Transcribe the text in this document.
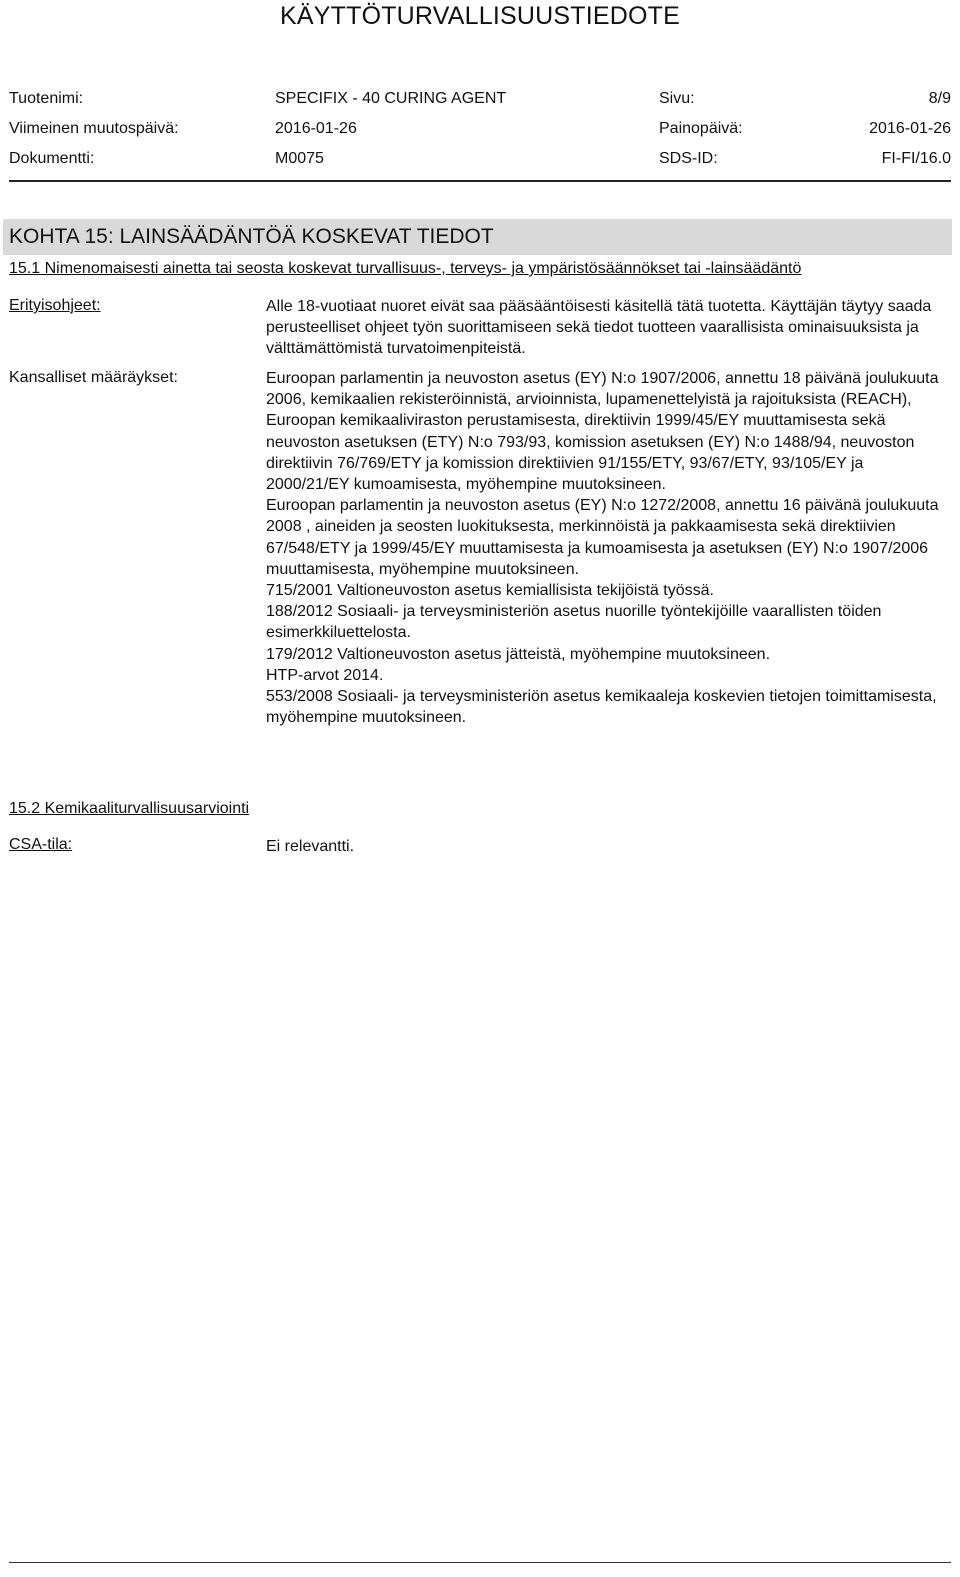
KÄYTTÖTURVALLISUUSTIEDOTE
Tuotenimi:	SPECIFIX - 40 CURING AGENT	Sivu:	8/9
Viimeinen muutospäivä:	2016-01-26	Painopäivä:	2016-01-26
Dokumentti:	M0075	SDS-ID:	FI-FI/16.0
KOHTA 15: LAINSÄÄDÄNTÖÄ KOSKEVAT TIEDOT
15.1 Nimenomaisesti ainetta tai seosta koskevat turvallisuus-, terveys- ja ympäristösäännökset tai -lainsäädäntö
Erityisohjeet:	Alle 18-vuotiaat nuoret eivät saa pääsääntöisesti käsitellä tätä tuotetta. Käyttäjän täytyy saada perusteelliset ohjeet työn suorittamiseen sekä tiedot tuotteen vaarallisista ominaisuuksista ja välttämättömistä turvatoimenpiteistä.

Kansalliset määräykset:	Euroopan parlamentin ja neuvoston asetus (EY) N:o 1907/2006, annettu 18 päivänä joulukuuta 2006, kemikaalien rekisteröinnistä, arvioinnista, lupamenettelyistä ja rajoituksista (REACH), Euroopan kemikaaliviraston perustamisesta, direktiivin 1999/45/EY muuttamisesta sekä neuvoston asetuksen (ETY) N:o 793/93, komission asetuksen (EY) N:o 1488/94, neuvoston direktiivin 76/769/ETY ja komission direktiivien 91/155/ETY, 93/67/ETY, 93/105/EY ja 2000/21/EY kumoamisesta, myöhempine muutoksineen.

Euroopan parlamentin ja neuvoston asetus (EY) N:o 1272/2008, annettu 16 päivänä joulukuuta 2008 , aineiden ja seosten luokituksesta, merkinnöistä ja pakkaamisesta sekä direktiivien 67/548/ETY ja 1999/45/EY muuttamisesta ja kumoamisesta ja asetuksen (EY) N:o 1907/2006 muuttamisesta, myöhempine muutoksineen.

715/2001 Valtioneuvoston asetus kemiallisista tekijöistä työssä.

188/2012 Sosiaali- ja terveysministeriön asetus nuorille työntekijöille vaarallisten töiden esimerkkiluettelosta.

179/2012 Valtioneuvoston asetus jätteistä, myöhempine muutoksineen.

HTP-arvot 2014.

553/2008 Sosiaali- ja terveysministeriön asetus kemikaaleja koskevien tietojen toimittamisesta, myöhempine muutoksineen.

15.2 Kemikaaliturvallisuusarviointi
CSA-tila:	Ei relevantti.
